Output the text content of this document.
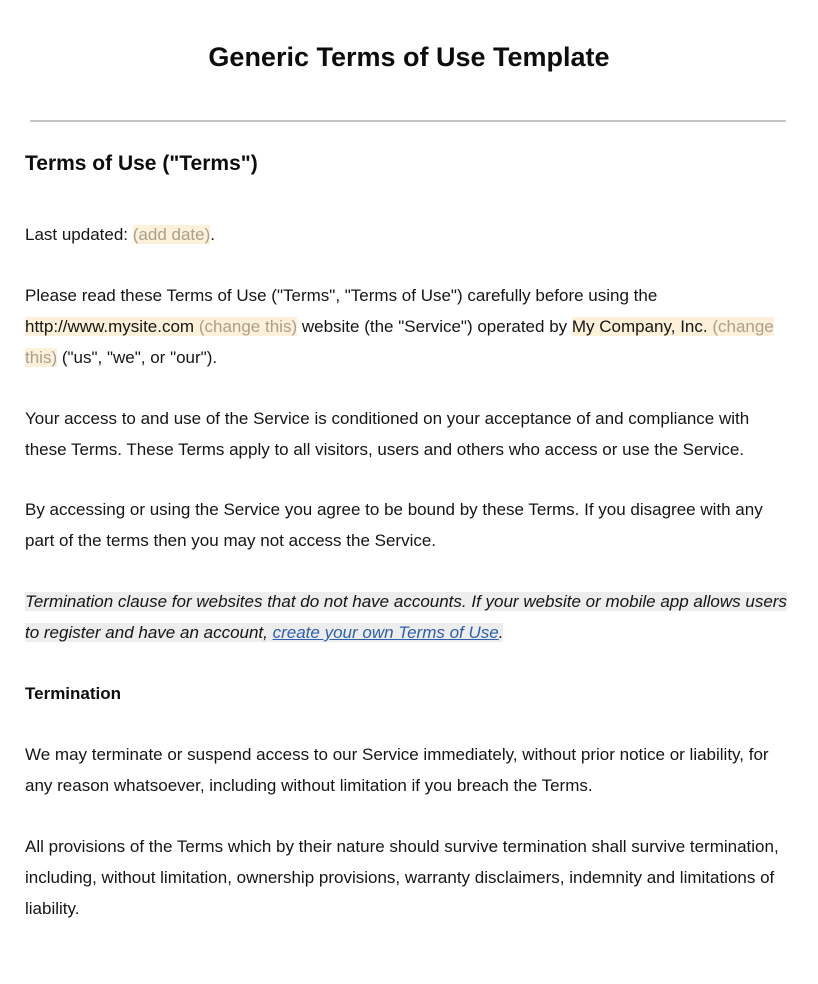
Generic Terms of Use Template
Terms of Use ("Terms")

Last updated: (add date).

Please read these Terms of Use ("Terms", "Terms of Use") carefully before using the http://www.mysite.com (change this) website (the "Service") operated by My Company, Inc. (change this) ("us", "we", or "our").

Your access to and use of the Service is conditioned on your acceptance of and compliance with these Terms. These Terms apply to all visitors, users and others who access or use the Service.

By accessing or using the Service you agree to be bound by these Terms. If you disagree with any part of the terms then you may not access the Service.

Termination clause for websites that do not have accounts. If your website or mobile app allows users to register and have an account, create your own Terms of Use.

Termination

We may terminate or suspend access to our Service immediately, without prior notice or liability, for any reason whatsoever, including without limitation if you breach the Terms.

All provisions of the Terms which by their nature should survive termination shall survive termination, including, without limitation, ownership provisions, warranty disclaimers, indemnity and limitations of liability.
